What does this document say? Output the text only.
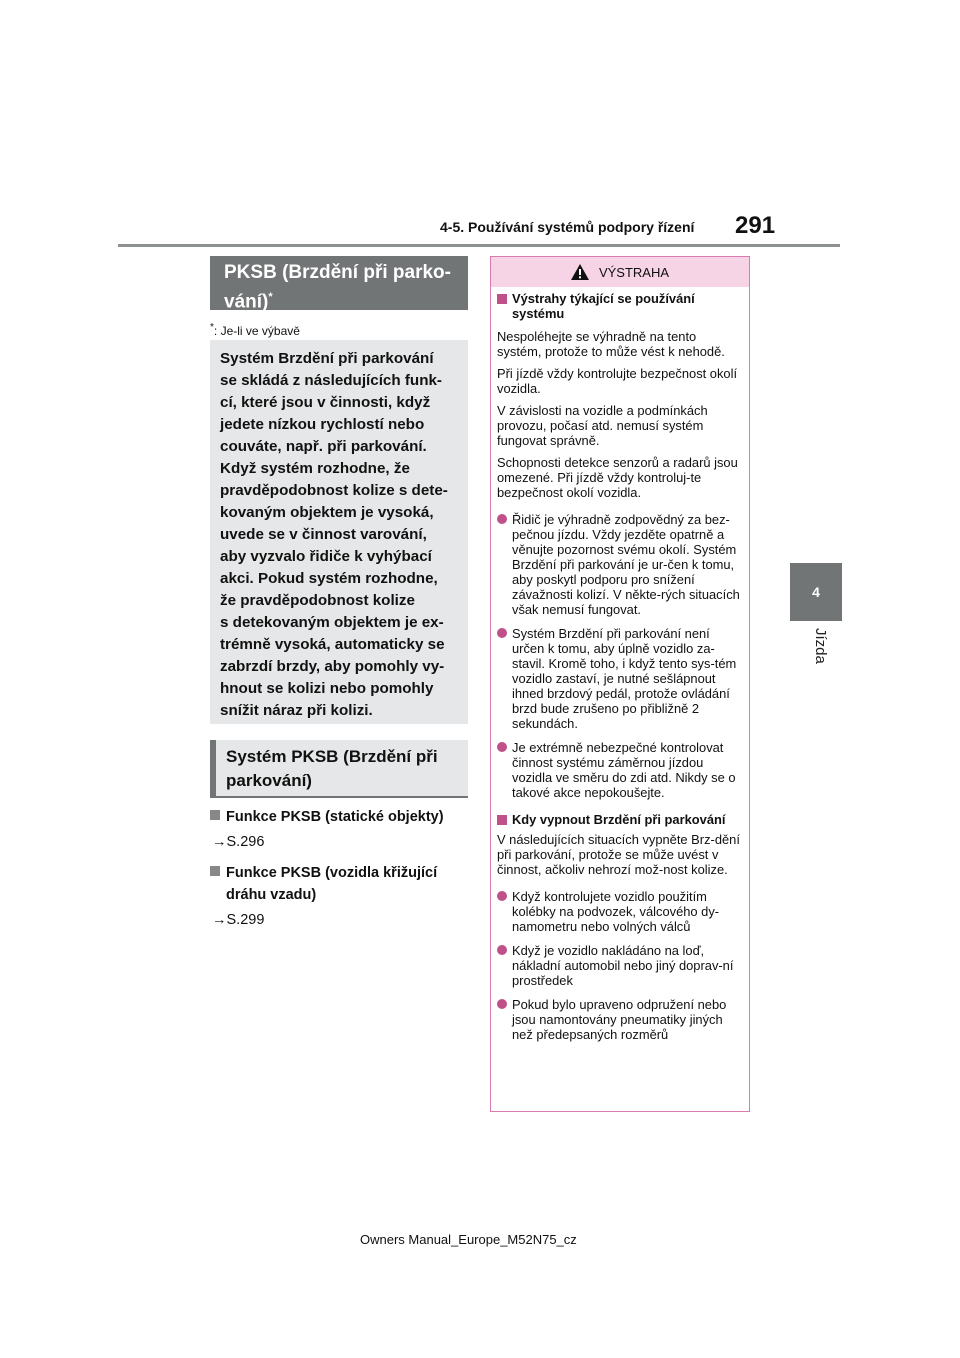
4-5. Používání systémů podpory řízení 291
4
Jízda
PKSB (Brzdění při parko-vání)*
*: Je-li ve výbavě
Systém Brzdění při parkování
se skládá z následujících funk-
cí, které jsou v činnosti, když
jedete nízkou rychlostí nebo
couváte, např. při parkování.
Když systém rozhodne, že
pravděpodobnost kolize s dete-
kovaným objektem je vysoká,
uvede se v činnost varování,
aby vyzvalo řidiče k vyhýbací
akci. Pokud systém rozhodne,
že pravděpodobnost kolize
s detekovaným objektem je ex-
trémně vysoká, automaticky se
zabrzdí brzdy, aby pomohly vy-
hnout se kolizi nebo pomohly
snížit náraz při kolizi.
Systém PKSB (Brzdění při
parkování)
Funkce PKSB (statické objekty)
→S.296
Funkce PKSB (vozidla křižující
dráhu vzadu)
→S.299
VÝSTRAHA
Výstrahy týkající se používání systému
Nespoléhejte se výhradně na tento systém, protože to může vést k nehodě.
Při jízdě vždy kontrolujte bezpečnost okolí vozidla.
V závislosti na vozidle a podmínkách provozu, počasí atd. nemusí systém fungovat správně.
Schopnosti detekce senzorů a radarů jsou omezené. Při jízdě vždy kontroluj-te bezpečnost okolí vozidla.
Řidič je výhradně zodpovědný za bez-pečnou jízdu. Vždy jezděte opatrně a věnujte pozornost svému okolí. Systém Brzdění při parkování je ur-čen k tomu, aby poskytl podporu pro snížení závažnosti kolizí. V někte-rých situacích však nemusí fungovat.
Systém Brzdění při parkování není určen k tomu, aby úplně vozidlo za-stavil. Kromě toho, i když tento sys-tém vozidlo zastaví, je nutné sešlápnout ihned brzdový pedál, protože ovládání brzd bude zrušeno po přibližně 2 sekundách.
Je extrémně nebezpečné kontrolovat činnost systému záměrnou jízdou vozidla ve směru do zdi atd. Nikdy se o takové akce nepokoušejte.
Kdy vypnout Brzdění při parkování
V následujících situacích vypněte Brz-dění při parkování, protože se může uvést v činnost, ačkoliv nehrozí mož-nost kolize.
Když kontrolujete vozidlo použitím kolébky na podvozek, válcového dy-namometru nebo volných válců
Když je vozidlo nakládáno na loď, nákladní automobil nebo jiný doprav-ní prostředek
Pokud bylo upraveno odpružení nebo jsou namontovány pneumatiky jiných než předepsaných rozměrů
Owners Manual_Europe_M52N75_cz
